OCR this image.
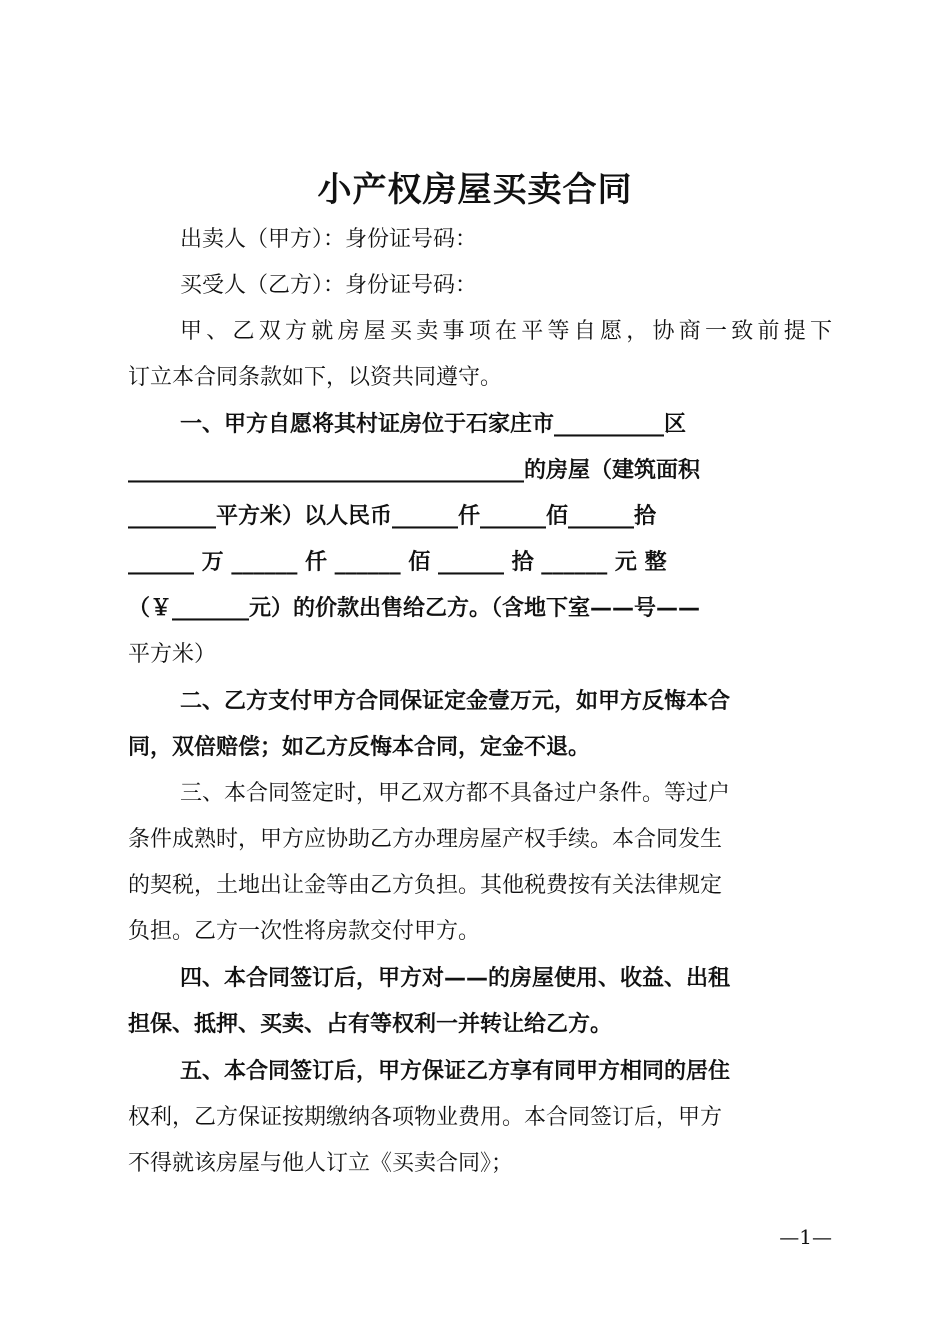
小产权房屋买卖合同
出卖人（甲方）：身份证号码：
买受人（乙方）：身份证号码：
甲、乙双方就房屋买卖事项在平等自愿，协商一致前提下
订立本合同条款如下，以资共同遵守。
一、甲方自愿将其村证房位于石家庄市__________区
____________________________________的房屋（建筑面积
________平方米）以人民币______仟______佰______拾
______ 万 ______ 仟 ______ 佰 ______ 拾 ______ 元 整
（￥_______元）的价款出售给乙方。（含地下室——号——
平方米）
二、乙方支付甲方合同保证定金壹万元，如甲方反悔本合
同，双倍赔偿；如乙方反悔本合同，定金不退。
三、本合同签定时，甲乙双方都不具备过户条件。等过户
条件成熟时，甲方应协助乙方办理房屋产权手续。本合同发生
的契税，土地出让金等由乙方负担。其他税费按有关法律规定
负担。乙方一次性将房款交付甲方。
四、本合同签订后，甲方对——的房屋使用、收益、出租
担保、抵押、买卖、占有等权利一并转让给乙方。
五、本合同签订后，甲方保证乙方享有同甲方相同的居住
权利，乙方保证按期缴纳各项物业费用。本合同签订后，甲方
不得就该房屋与他人订立《买卖合同》；
—1—
